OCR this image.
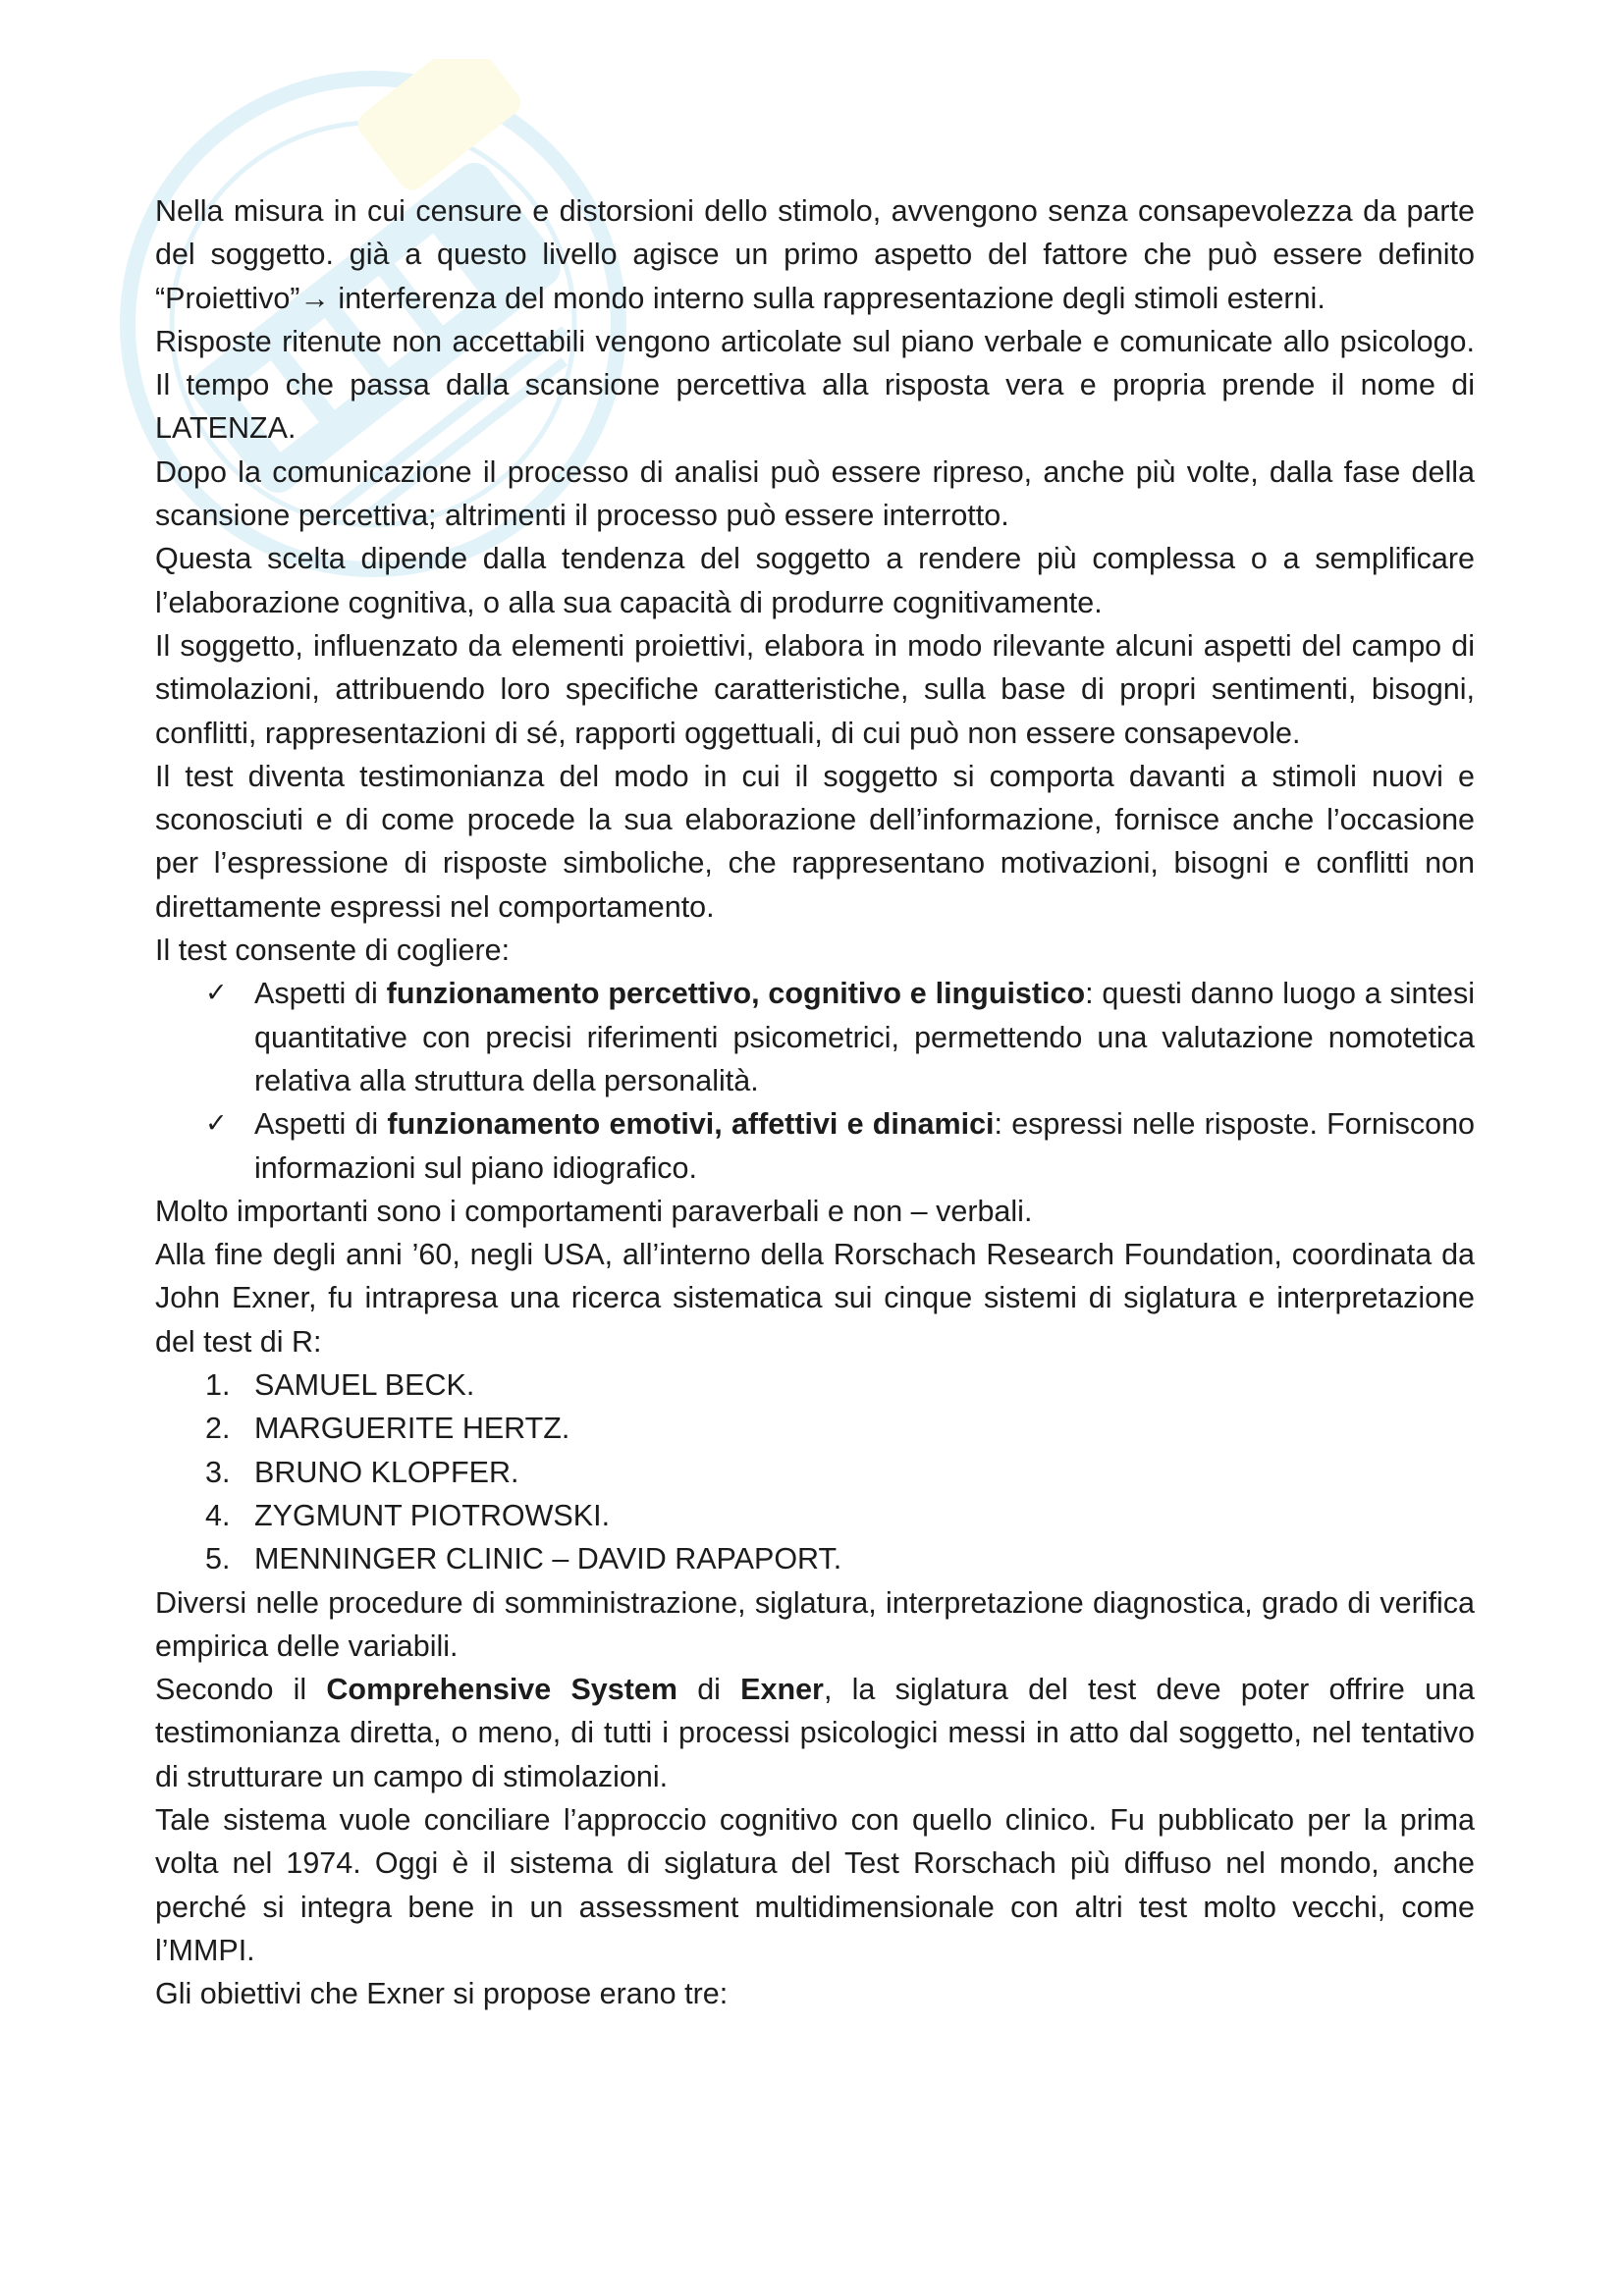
Nella misura in cui censure e distorsioni dello stimolo, avvengono senza consapevolezza da parte del soggetto. già a questo livello agisce un primo aspetto del fattore che può essere definito “Proiettivo”→ interferenza del mondo interno sulla rappresentazione degli stimoli esterni.

Risposte ritenute non accettabili vengono articolate sul piano verbale e comunicate allo psicologo. Il tempo che passa dalla scansione percettiva alla risposta vera e propria prende il nome di LATENZA.

Dopo la comunicazione il processo di analisi può essere ripreso, anche più volte, dalla fase della scansione percettiva; altrimenti il processo può essere interrotto.

Questa scelta dipende dalla tendenza del soggetto a rendere più complessa o a semplificare l’elaborazione cognitiva, o alla sua capacità di produrre cognitivamente.

Il soggetto, influenzato da elementi proiettivi, elabora in modo rilevante alcuni aspetti del campo di stimolazioni, attribuendo loro specifiche caratteristiche, sulla base di propri sentimenti, bisogni, conflitti, rappresentazioni di sé, rapporti oggettuali, di cui può non essere consapevole.

Il test diventa testimonianza del modo in cui il soggetto si comporta davanti a stimoli nuovi e sconosciuti e di come procede la sua elaborazione dell’informazione, fornisce anche l’occasione per l’espressione di risposte simboliche, che rappresentano motivazioni, bisogni e conflitti non direttamente espressi nel comportamento.

Il test consente di cogliere:

✓ Aspetti di funzionamento percettivo, cognitivo e linguistico: questi danno luogo a sintesi quantitative con precisi riferimenti psicometrici, permettendo una valutazione nomotetica relativa alla struttura della personalità.
✓ Aspetti di funzionamento emotivi, affettivi e dinamici: espressi nelle risposte. Forniscono informazioni sul piano idiografico.

Molto importanti sono i comportamenti paraverbali e non – verbali.

Alla fine degli anni ’60, negli USA, all’interno della Rorschach Research Foundation, coordinata da John Exner, fu intrapresa una ricerca sistematica sui cinque sistemi di siglatura e interpretazione del test di R:

1. SAMUEL BECK.
2. MARGUERITE HERTZ.
3. BRUNO KLOPFER.
4. ZYGMUNT PIOTROWSKI.
5. MENNINGER CLINIC – DAVID RAPAPORT.

Diversi nelle procedure di somministrazione, siglatura, interpretazione diagnostica, grado di verifica empirica delle variabili.

Secondo il Comprehensive System di Exner, la siglatura del test deve poter offrire una testimonianza diretta, o meno, di tutti i processi psicologici messi in atto dal soggetto, nel tentativo di strutturare un campo di stimolazioni.

Tale sistema vuole conciliare l’approccio cognitivo con quello clinico. Fu pubblicato per la prima volta nel 1974. Oggi è il sistema di siglatura del Test Rorschach più diffuso nel mondo, anche perché si integra bene in un assessment multidimensionale con altri test molto vecchi, come l’MMPI.

Gli obiettivi che Exner si propose erano tre:
